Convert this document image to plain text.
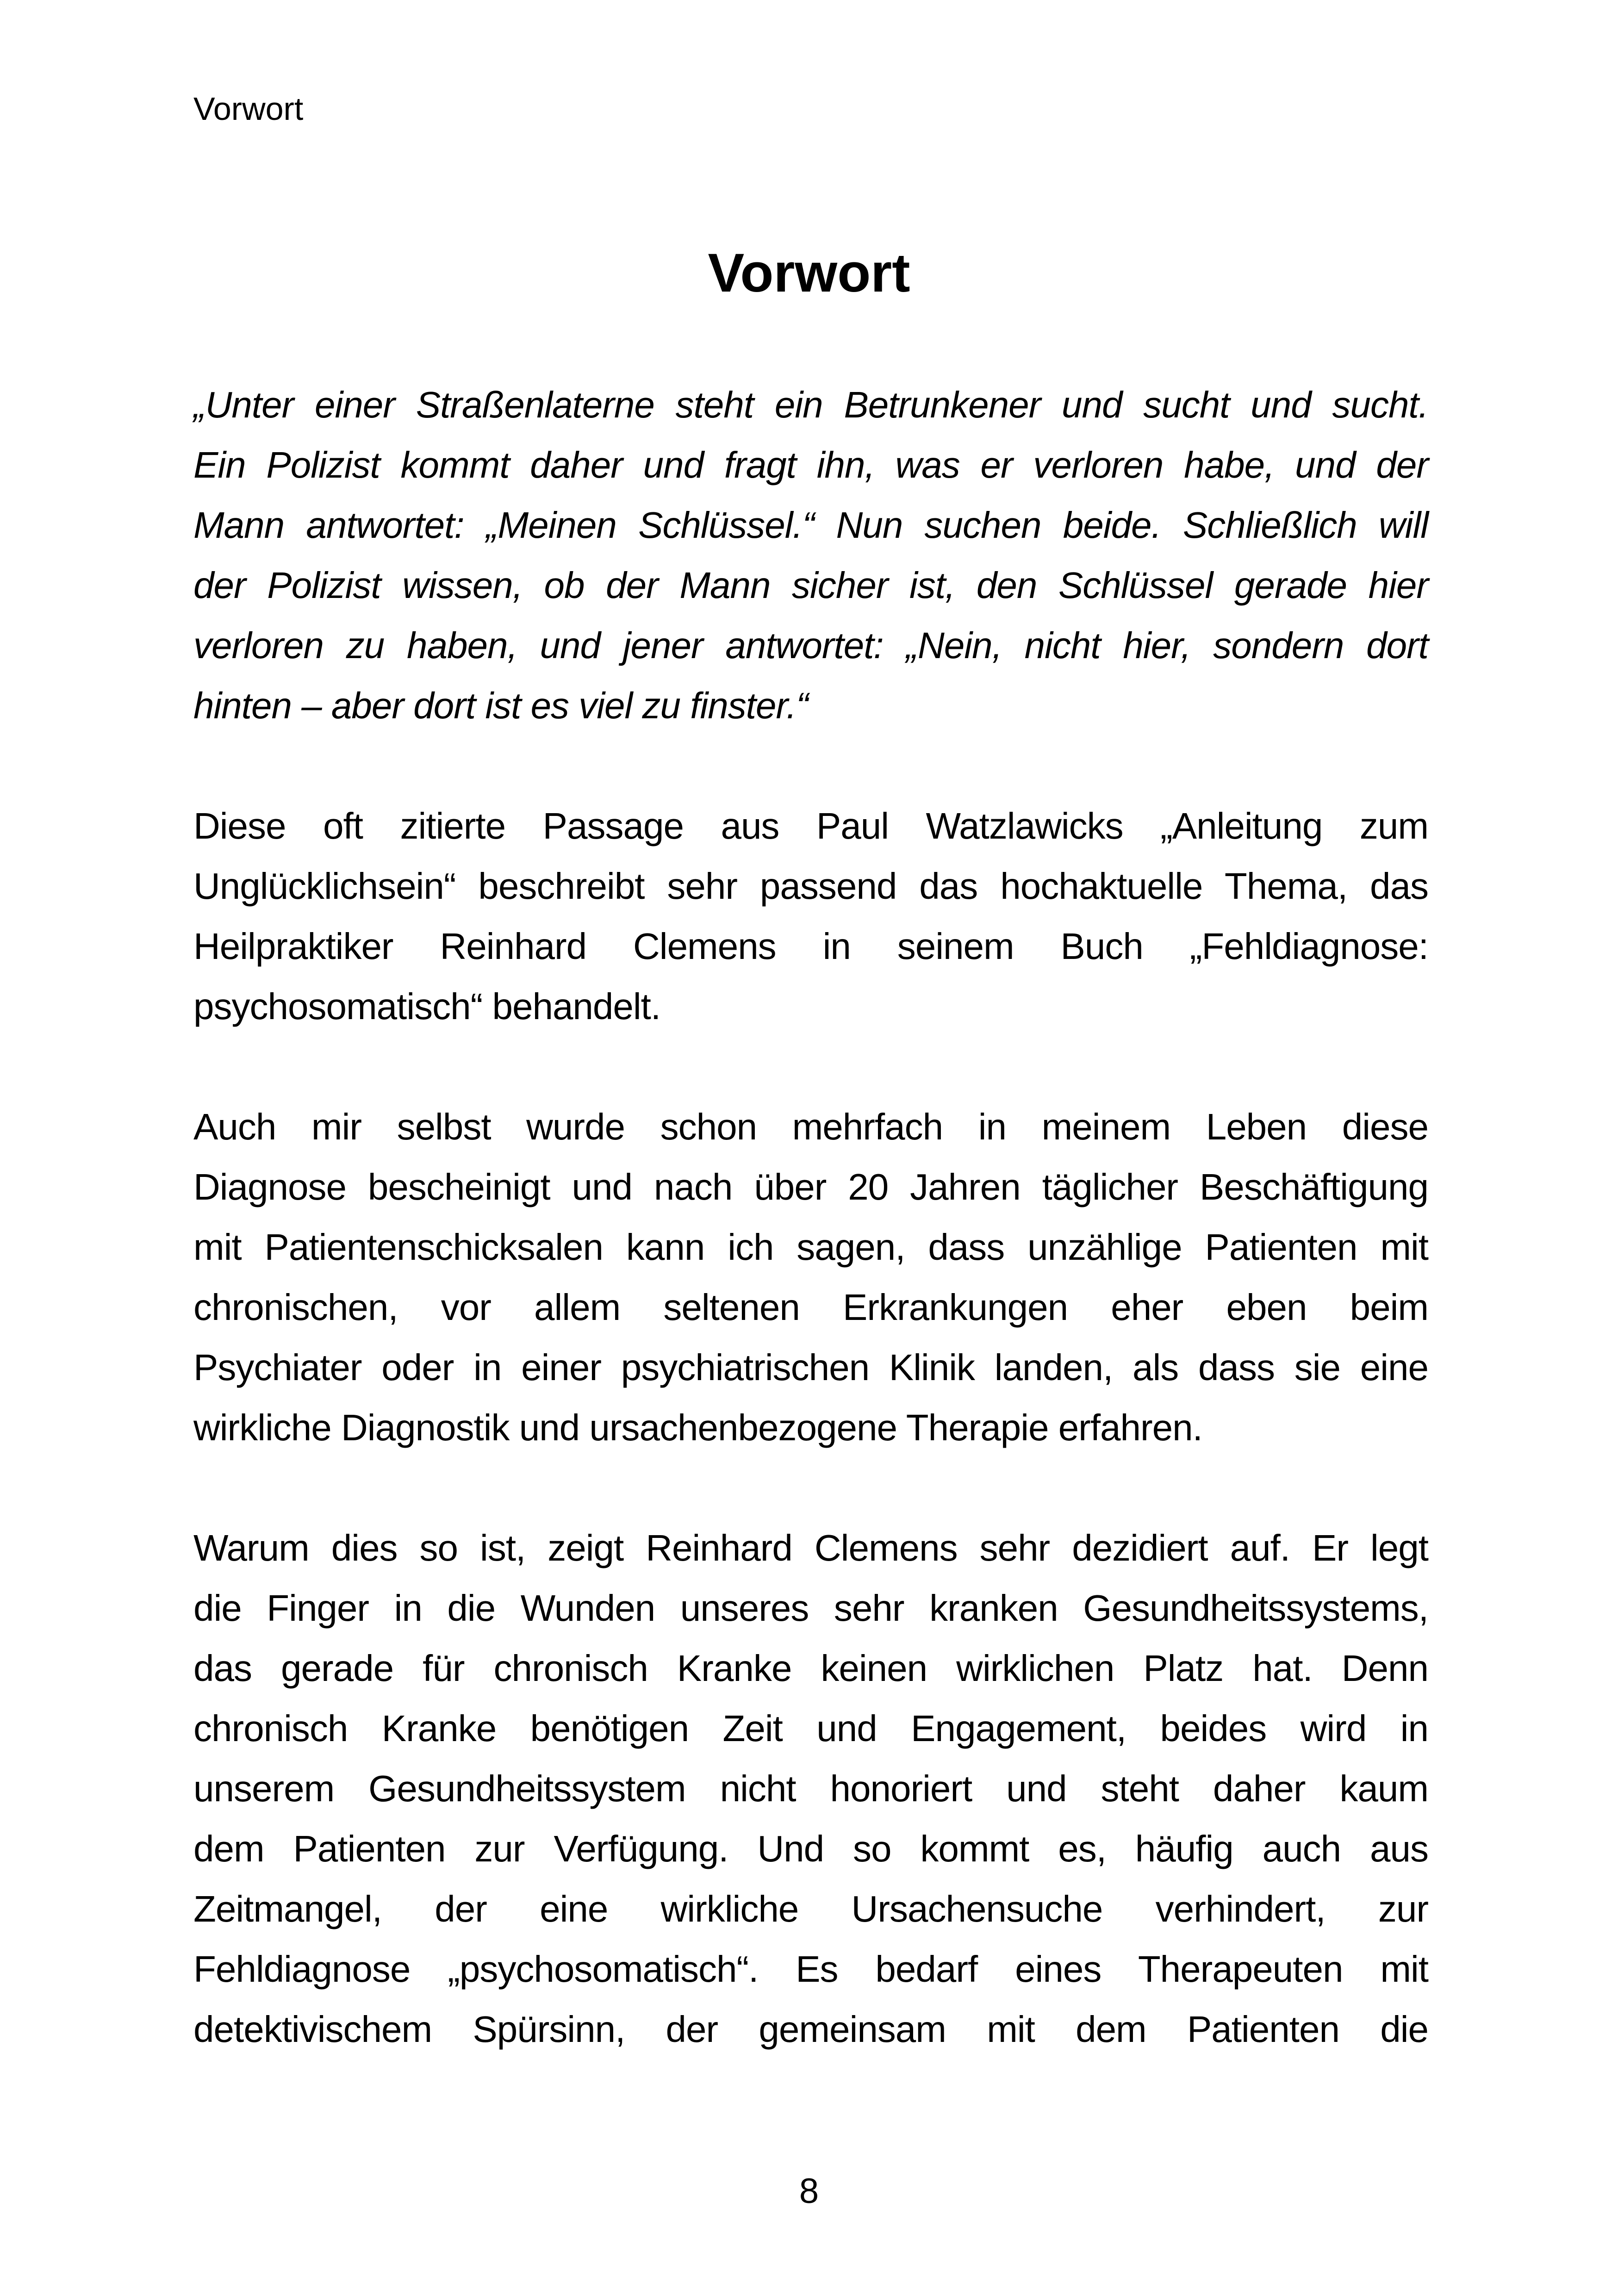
Vorwort
Vorwort

„Unter einer Straßenlaterne steht ein Betrunkener und sucht und sucht.
Ein Polizist kommt daher und fragt ihn, was er verloren habe, und der
Mann antwortet: „Meinen Schlüssel.“ Nun suchen beide. Schließlich will
der Polizist wissen, ob der Mann sicher ist, den Schlüssel gerade hier
verloren zu haben, und jener antwortet: „Nein, nicht hier, sondern dort
hinten – aber dort ist es viel zu finster.“

Diese oft zitierte Passage aus Paul Watzlawicks „Anleitung zum
Unglücklichsein“ beschreibt sehr passend das hochaktuelle Thema, das
Heilpraktiker Reinhard Clemens in seinem Buch „Fehldiagnose:
psychosomatisch“ behandelt.

Auch mir selbst wurde schon mehrfach in meinem Leben diese
Diagnose bescheinigt und nach über 20 Jahren täglicher Beschäftigung
mit Patientenschicksalen kann ich sagen, dass unzählige Patienten mit
chronischen, vor allem seltenen Erkrankungen eher eben beim
Psychiater oder in einer psychiatrischen Klinik landen, als dass sie eine
wirkliche Diagnostik und ursachenbezogene Therapie erfahren.

Warum dies so ist, zeigt Reinhard Clemens sehr dezidiert auf. Er legt
die Finger in die Wunden unseres sehr kranken Gesundheitssystems,
das gerade für chronisch Kranke keinen wirklichen Platz hat. Denn
chronisch Kranke benötigen Zeit und Engagement, beides wird in
unserem Gesundheitssystem nicht honoriert und steht daher kaum
dem Patienten zur Verfügung. Und so kommt es, häufig auch aus
Zeitmangel, der eine wirkliche Ursachensuche verhindert, zur
Fehldiagnose „psychosomatisch“. Es bedarf eines Therapeuten mit
detektivischem Spürsinn, der gemeinsam mit dem Patienten die

8
